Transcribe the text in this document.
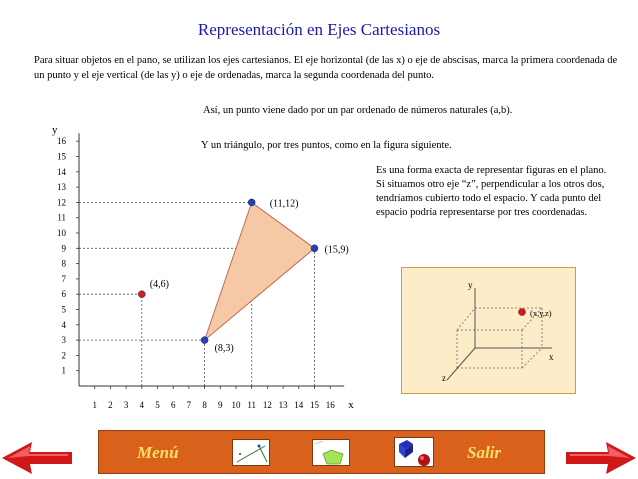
Representación en Ejes Cartesianos
Para situar objetos en el pano, se utilizan los ejes cartesianos. El eje horizontal (de las x) o eje de abscisas, marca la primera coordenada de un punto y el eje vertical (de las y) o eje de ordenadas, marca la segunda coordenada del punto.
Así, un punto viene dado por un par ordenado de números naturales (a,b).
Y un triángulo, por tres puntos, como en la figura siguiente.
Es una forma exacta de representar figuras en el plano. Si situamos otro eje “z”, perpendicular a los otros dos, tendríamos cubierto todo el espacio. Y cada punto del espacio podría representarse por tres coordenadas.
x
y
1 2 3 4 5 6 7 8 9 10 11 12 13 14 15 16
1
2
3
4
5
6
7
8
9
10
11
12
13
14
15
16
(4,6)
(8,3)
(11,12)
(15,9)
y
x
z
(x,y,z)
Menú	Salir
